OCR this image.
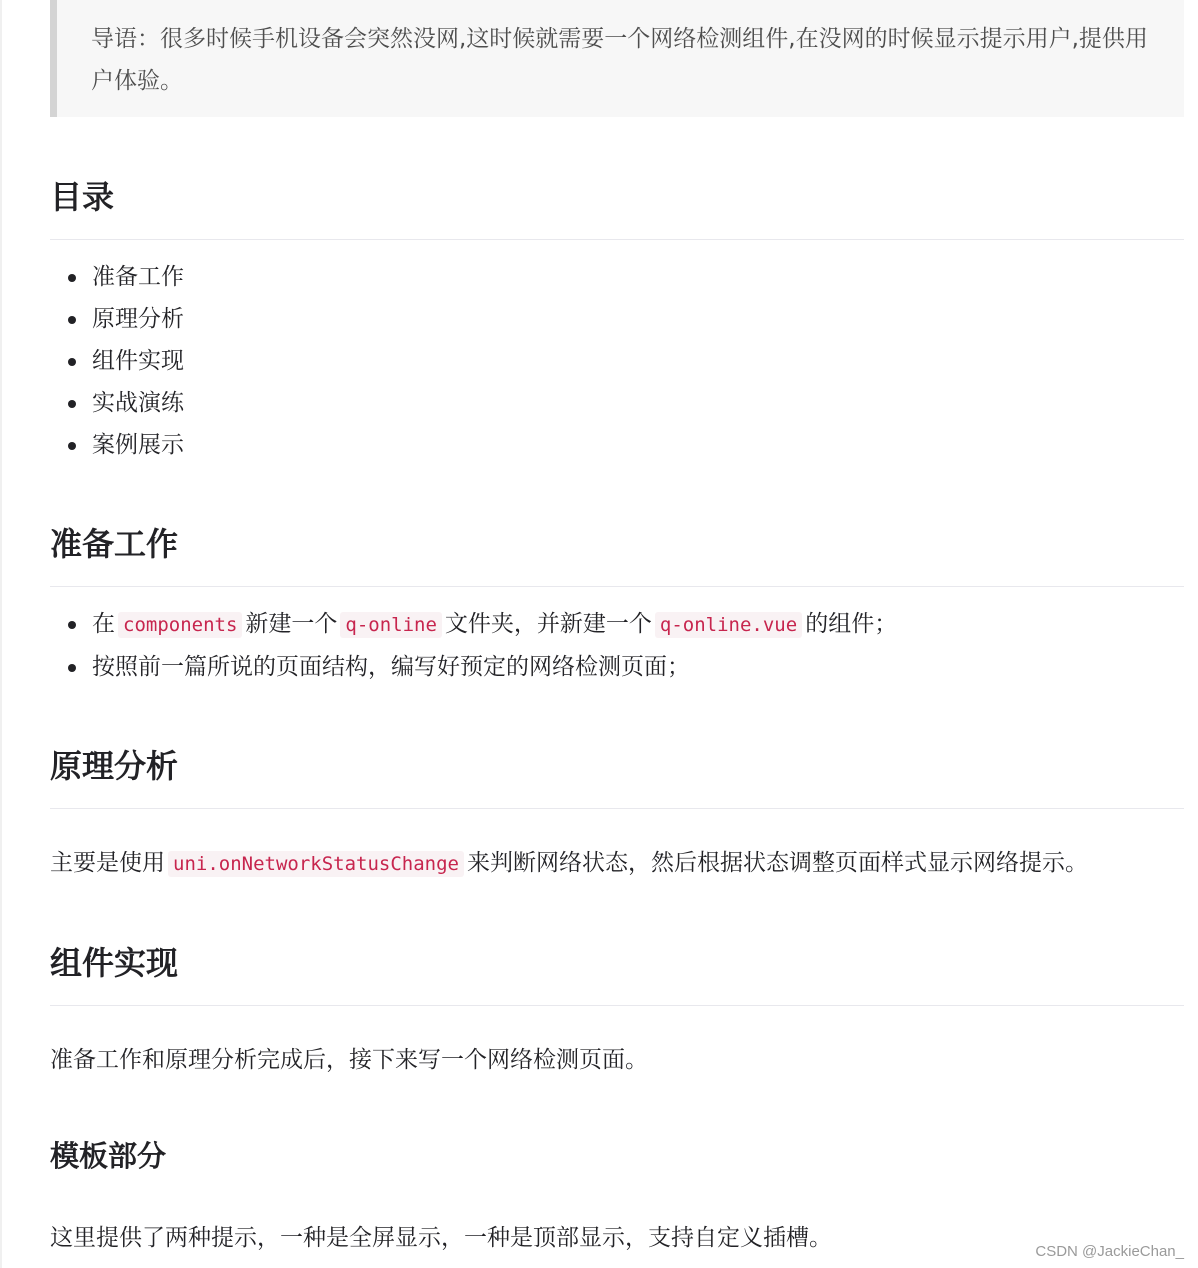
导语：很多时候手机设备会突然没网,这时候就需要一个网络检测组件,在没网的时候显示提示用户,提供用户体验。
目录
准备工作
原理分析
组件实现
实战演练
案例展示
准备工作
在 components 新建一个 q-online 文件夹，并新建一个 q-online.vue 的组件；
按照前一篇所说的页面结构，编写好预定的网络检测页面；
原理分析

主要是使用 uni.onNetworkStatusChange 来判断网络状态，然后根据状态调整页面样式显示网络提示。

组件实现

准备工作和原理分析完成后，接下来写一个网络检测页面。

模板部分

这里提供了两种提示，一种是全屏显示，一种是顶部显示，支持自定义插槽。

CSDN @JackieChan_
